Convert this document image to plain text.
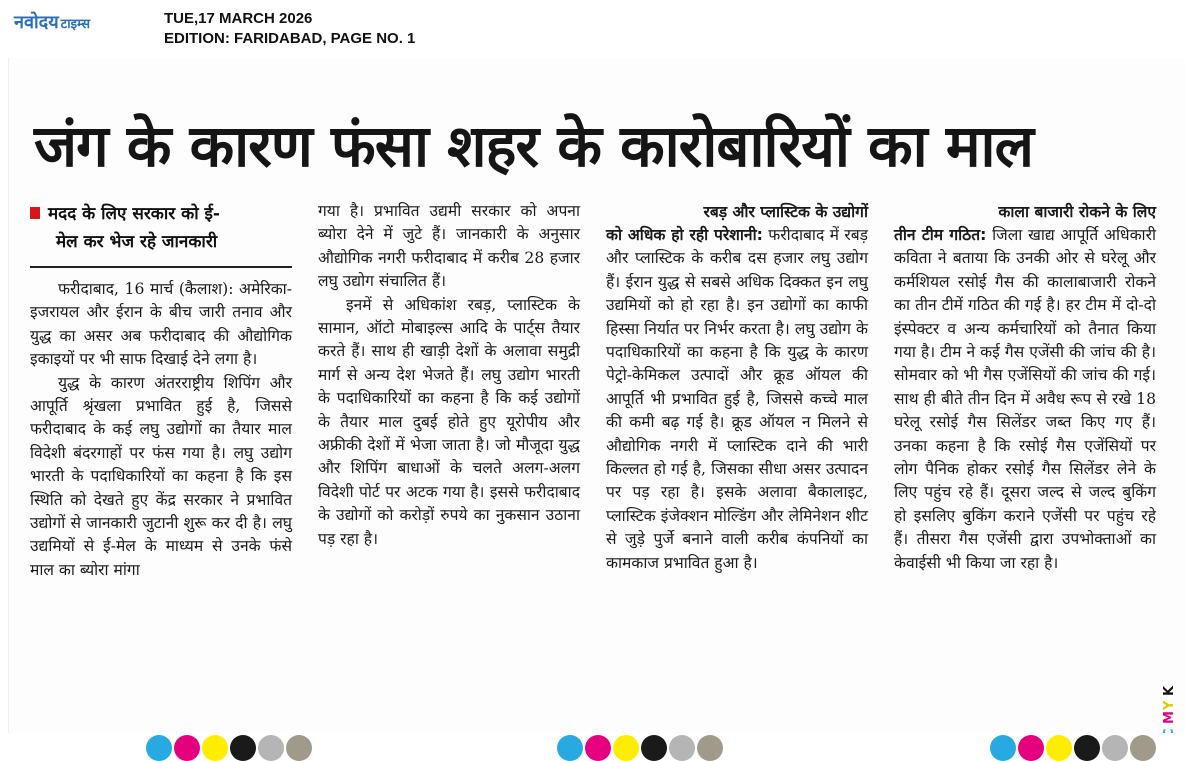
नवोदय टाइम्स	TUE,17 MARCH 2026
EDITION: FARIDABAD, PAGE NO. 1
जंग के कारण फंसा शहर के कारोबारियों का माल
मदद के लिए सरकार को ई-
मेल कर भेज रहे जानकारी

फरीदाबाद, 16 मार्च (कैलाश): अमेरिका-इजरायल और ईरान के बीच जारी तनाव और युद्ध का असर अब फरीदाबाद की औद्योगिक इकाइयों पर भी साफ दिखाई देने लगा है।

युद्ध के कारण अंतरराष्ट्रीय शिपिंग और आपूर्ति श्रृंखला प्रभावित हुई है, जिससे फरीदाबाद के कई लघु उद्योगों का तैयार माल विदेशी बंदरगाहों पर फंस गया है। लघु उद्योग भारती के पदाधिकारियों का कहना है कि इस स्थिति को देखते हुए केंद्र सरकार ने प्रभावित उद्योगों से जानकारी जुटानी शुरू कर दी है। लघु उद्यमियों से ई-मेल के माध्यम से उनके फंसे माल का ब्योरा मांगा

गया है। प्रभावित उद्यमी सरकार को अपना ब्योरा देने में जुटे हैं। जानकारी के अनुसार औद्योगिक नगरी फरीदाबाद में करीब 28 हजार लघु उद्योग संचालित हैं।

इनमें से अधिकांश रबड़, प्लास्टिक के सामान, ऑटो मोबाइल्स आदि के पार्ट्स तैयार करते हैं। साथ ही खाड़ी देशों के अलावा समुद्री मार्ग से अन्य देश भेजते हैं। लघु उद्योग भारती के पदाधिकारियों का कहना है कि कई उद्योगों के तैयार माल दुबई होते हुए यूरोपीय और अफ्रीकी देशों में भेजा जाता है। जो मौजूदा युद्ध और शिपिंग बाधाओं के चलते अलग-अलग विदेशी पोर्ट पर अटक गया है। इससे फरीदाबाद के उद्योगों को करोड़ों रुपये का नुकसान उठाना पड़ रहा है।

रबड़ और प्लास्टिक के उद्योगों
को अधिक हो रही परेशानी: फरीदाबाद में रबड़ और प्लास्टिक के करीब दस हजार लघु उद्योग हैं। ईरान युद्ध से सबसे अधिक दिक्कत इन लघु उद्यमियों को हो रहा है। इन उद्योगों का काफी हिस्सा निर्यात पर निर्भर करता है। लघु उद्योग के पदाधिकारियों का कहना है कि युद्ध के कारण पेट्रो-केमिकल उत्पादों और क्रूड ऑयल की आपूर्ति भी प्रभावित हुई है, जिससे कच्चे माल की कमी बढ़ गई है। क्रूड ऑयल न मिलने से औद्योगिक नगरी में प्लास्टिक दाने की भारी किल्लत हो गई है, जिसका सीधा असर उत्पादन पर पड़ रहा है। इसके अलावा बैकालाइट, प्लास्टिक इंजेक्शन मोल्डिंग और लेमिनेशन शीट से जुड़े पुर्जे बनाने वाली करीब कंपनियों का कामकाज प्रभावित हुआ है।
काला बाजारी रोकने के लिए
तीन टीम गठित: जिला खाद्य आपूर्ति अधिकारी कविता ने बताया कि उनकी ओर से घरेलू और कर्मशियल रसोई गैस की कालाबाजारी रोकने का तीन टीमें गठित की गई है। हर टीम में दो-दो इंस्पेक्टर व अन्य कर्मचारियों को तैनात किया गया है। टीम ने कई गैस एजेंसी की जांच की है। सोमवार को भी गैस एजेंसियों की जांच की गई। साथ ही बीते तीन दिन में अवैध रूप से रखे 18 घरेलू रसोई गैस सिलेंडर जब्त किए गए हैं। उनका कहना है कि रसोई गैस एजेंसियों पर लोग पैनिक होकर रसोई गैस सिलेंडर लेने के लिए पहुंच रहे हैं। दूसरा जल्द से जल्द बुकिंग हो इसलिए बुकिंग कराने एजेंसी पर पहुंच रहे हैं। तीसरा गैस एजेंसी द्वारा उपभोक्ताओं का केवाईसी भी किया जा रहा है।
M
Y
K
